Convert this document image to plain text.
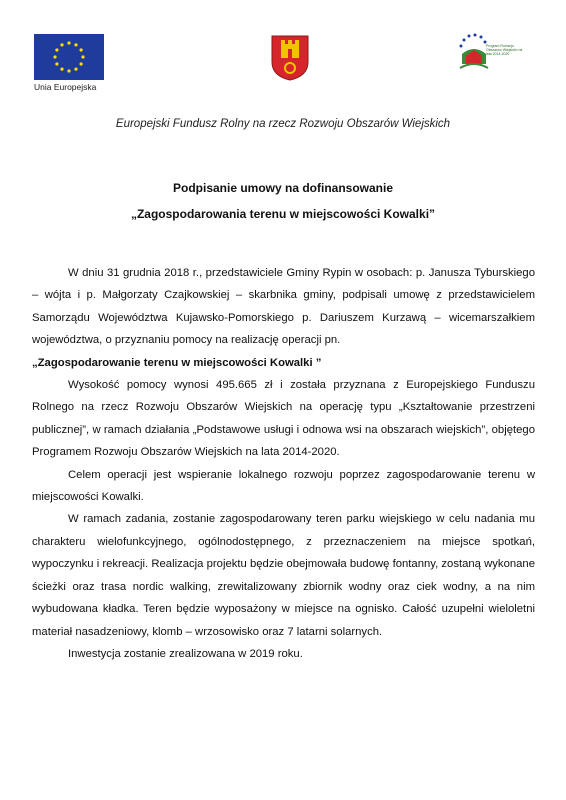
Unia Europejska
Program Rozwoju Obszarów Wiejskich na lata 2014-2020
Europejski Fundusz Rolny na rzecz Rozwoju Obszarów Wiejskich
Podpisanie umowy na dofinansowanie
„Zagospodarowania terenu w miejscowości Kowalki”

W dniu 31 grudnia 2018 r., przedstawiciele Gminy Rypin w osobach: p. Janusza Tyburskiego – wójta i p. Małgorzaty Czajkowskiej – skarbnika gminy, podpisali umowę z przedstawicielem Samorządu Województwa Kujawsko-Pomorskiego p. Dariuszem Kurzawą – wicemarszałkiem województwa, o przyznaniu pomocy na realizację operacji pn.
„Zagospodarowanie terenu w miejscowości Kowalki ”

Wysokość pomocy wynosi 495.665 zł i została przyznana z Europejskiego Funduszu Rolnego na rzecz Rozwoju Obszarów Wiejskich na operację typu „Kształtowanie przestrzeni publicznej”, w ramach działania „Podstawowe usługi i odnowa wsi na obszarach wiejskich”, objętego Programem Rozwoju Obszarów Wiejskich na lata 2014-2020.

Celem operacji jest wspieranie lokalnego rozwoju poprzez zagospodarowanie terenu w miejscowości Kowalki.

W ramach zadania, zostanie zagospodarowany teren parku wiejskiego w celu nadania mu charakteru wielofunkcyjnego, ogólnodostępnego, z przeznaczeniem na miejsce spotkań, wypoczynku i rekreacji. Realizacja projektu będzie obejmowała budowę fontanny, zostaną wykonane ścieżki oraz trasa nordic walking, zrewitalizowany zbiornik wodny oraz ciek wodny, a na nim wybudowana kładka. Teren będzie wyposażony w miejsce na ognisko. Całość uzupełni wieloletni materiał nasadzeniowy, klomb – wrzosowisko oraz 7 latarni solarnych.

Inwestycja zostanie zrealizowana w 2019 roku.
